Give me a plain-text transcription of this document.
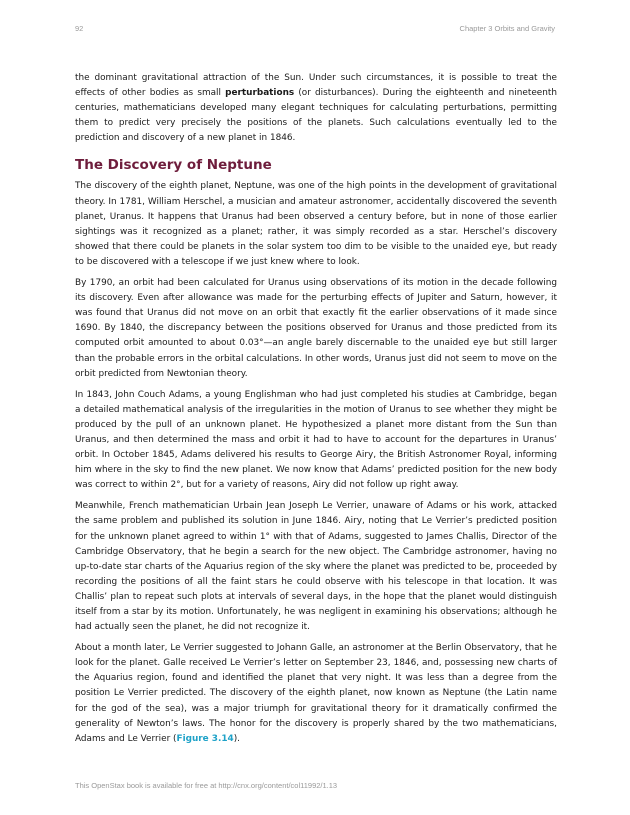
92	Chapter 3 Orbits and Gravity

the dominant gravitational attraction of the Sun. Under such circumstances, it is possible to treat the effects of other bodies as small perturbations (or disturbances). During the eighteenth and nineteenth centuries, mathematicians developed many elegant techniques for calculating perturbations, permitting them to predict very precisely the positions of the planets. Such calculations eventually led to the prediction and discovery of a new planet in 1846.

The Discovery of Neptune

The discovery of the eighth planet, Neptune, was one of the high points in the development of gravitational theory. In 1781, William Herschel, a musician and amateur astronomer, accidentally discovered the seventh planet, Uranus. It happens that Uranus had been observed a century before, but in none of those earlier sightings was it recognized as a planet; rather, it was simply recorded as a star. Herschel’s discovery showed that there could be planets in the solar system too dim to be visible to the unaided eye, but ready to be discovered with a telescope if we just knew where to look.

By 1790, an orbit had been calculated for Uranus using observations of its motion in the decade following its discovery. Even after allowance was made for the perturbing effects of Jupiter and Saturn, however, it was found that Uranus did not move on an orbit that exactly fit the earlier observations of it made since 1690. By 1840, the discrepancy between the positions observed for Uranus and those predicted from its computed orbit amounted to about 0.03°—an angle barely discernable to the unaided eye but still larger than the probable errors in the orbital calculations. In other words, Uranus just did not seem to move on the orbit predicted from Newtonian theory.

In 1843, John Couch Adams, a young Englishman who had just completed his studies at Cambridge, began a detailed mathematical analysis of the irregularities in the motion of Uranus to see whether they might be produced by the pull of an unknown planet. He hypothesized a planet more distant from the Sun than Uranus, and then determined the mass and orbit it had to have to account for the departures in Uranus’ orbit. In October 1845, Adams delivered his results to George Airy, the British Astronomer Royal, informing him where in the sky to find the new planet. We now know that Adams’ predicted position for the new body was correct to within 2°, but for a variety of reasons, Airy did not follow up right away.

Meanwhile, French mathematician Urbain Jean Joseph Le Verrier, unaware of Adams or his work, attacked the same problem and published its solution in June 1846. Airy, noting that Le Verrier’s predicted position for the unknown planet agreed to within 1° with that of Adams, suggested to James Challis, Director of the Cambridge Observatory, that he begin a search for the new object. The Cambridge astronomer, having no up-to-date star charts of the Aquarius region of the sky where the planet was predicted to be, proceeded by recording the positions of all the faint stars he could observe with his telescope in that location. It was Challis’ plan to repeat such plots at intervals of several days, in the hope that the planet would distinguish itself from a star by its motion. Unfortunately, he was negligent in examining his observations; although he had actually seen the planet, he did not recognize it.

About a month later, Le Verrier suggested to Johann Galle, an astronomer at the Berlin Observatory, that he look for the planet. Galle received Le Verrier’s letter on September 23, 1846, and, possessing new charts of the Aquarius region, found and identified the planet that very night. It was less than a degree from the position Le Verrier predicted. The discovery of the eighth planet, now known as Neptune (the Latin name for the god of the sea), was a major triumph for gravitational theory for it dramatically confirmed the generality of Newton’s laws. The honor for the discovery is properly shared by the two mathematicians, Adams and Le Verrier (Figure 3.14).

This OpenStax book is available for free at http://cnx.org/content/col11992/1.13
